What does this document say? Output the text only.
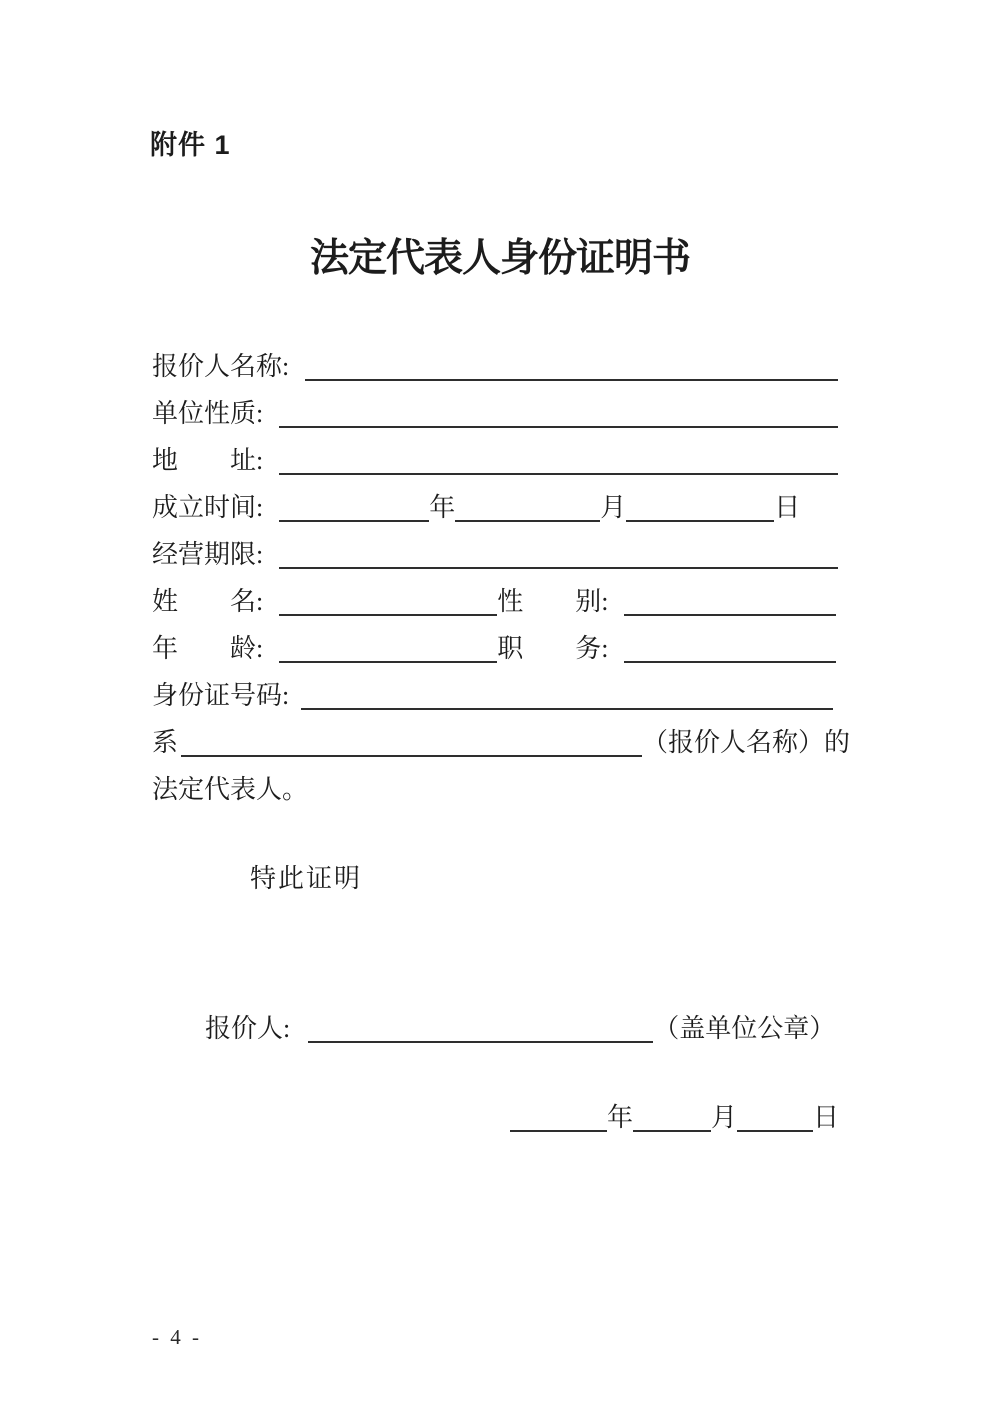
附件 1
法定代表人身份证明书
报价人名称:
单位性质:
地　　址:
成立时间:	年	月	日
经营期限:
姓　　名:	性　　别:
年　　龄:	职　　务:
身份证号码:
系	（报价人名称）的
法定代表人。
特此证明
报价人:	（盖单位公章）
年	月	日
- 4 -
